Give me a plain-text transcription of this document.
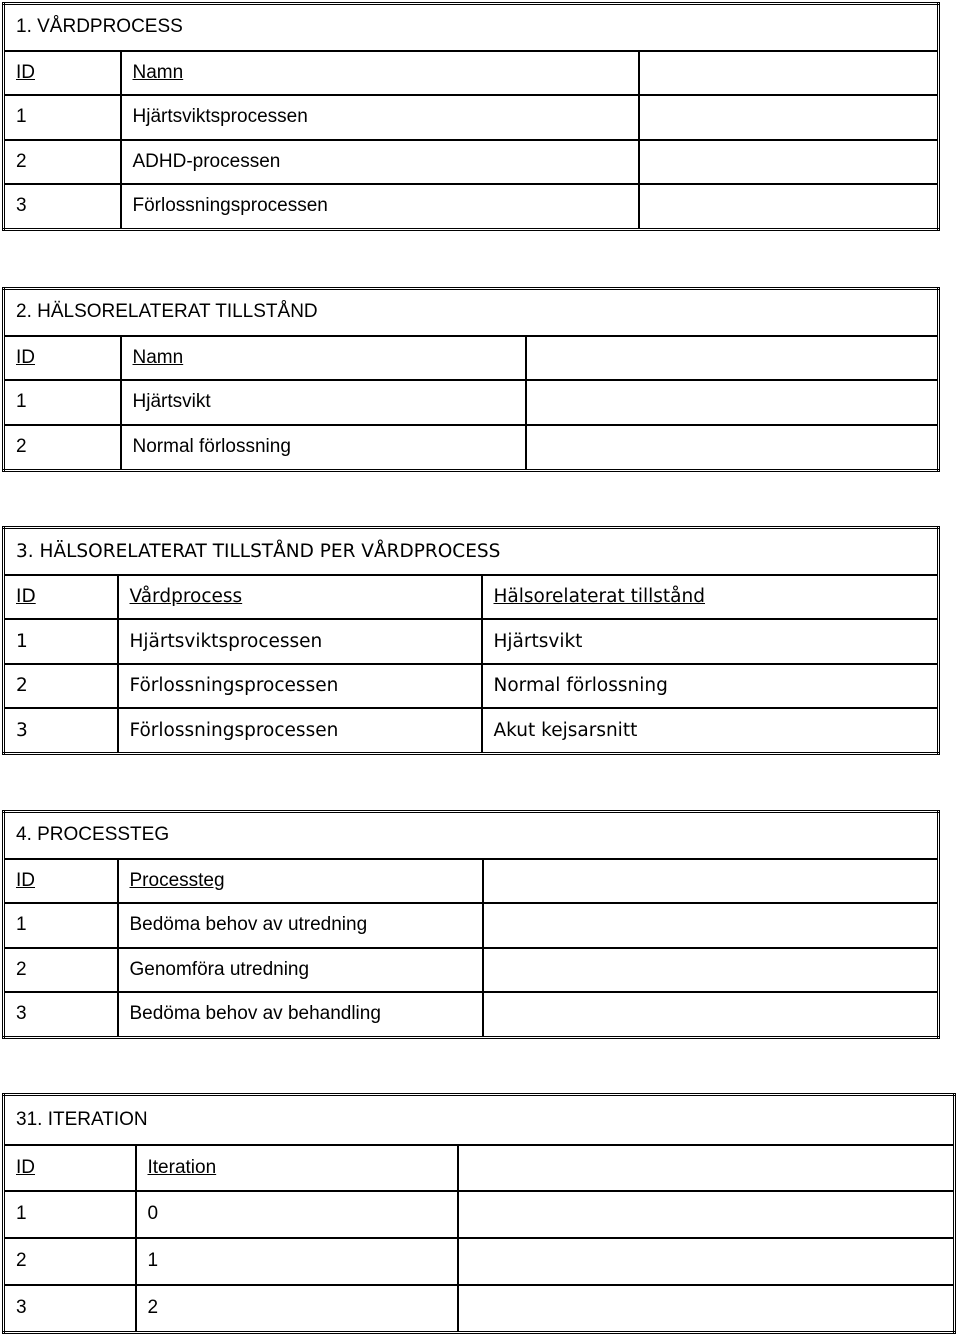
1. VÅRDPROCESS		
ID	Namn	
1	Hjärtsviktsprocessen	
2	ADHD-processen	
3	Förlossningsprocessen	
2. HÄLSORELATERAT TILLSTÅND		
ID	Namn	
1	Hjärtsvikt	
2	Normal förlossning	
3. HÄLSORELATERAT TILLSTÅND PER VÅRDPROCESS		
ID	Vårdprocess	Hälsorelaterat tillstånd
1	Hjärtsviktsprocessen	Hjärtsvikt
2	Förlossningsprocessen	Normal förlossning
3	Förlossningsprocessen	Akut kejsarsnitt
4. PROCESSTEG		
ID	Processteg	
1	Bedöma behov av utredning	
2	Genomföra utredning	
3	Bedöma behov av behandling	
31. ITERATION		
ID	Iteration	
1	0	
2	1	
3	2	
